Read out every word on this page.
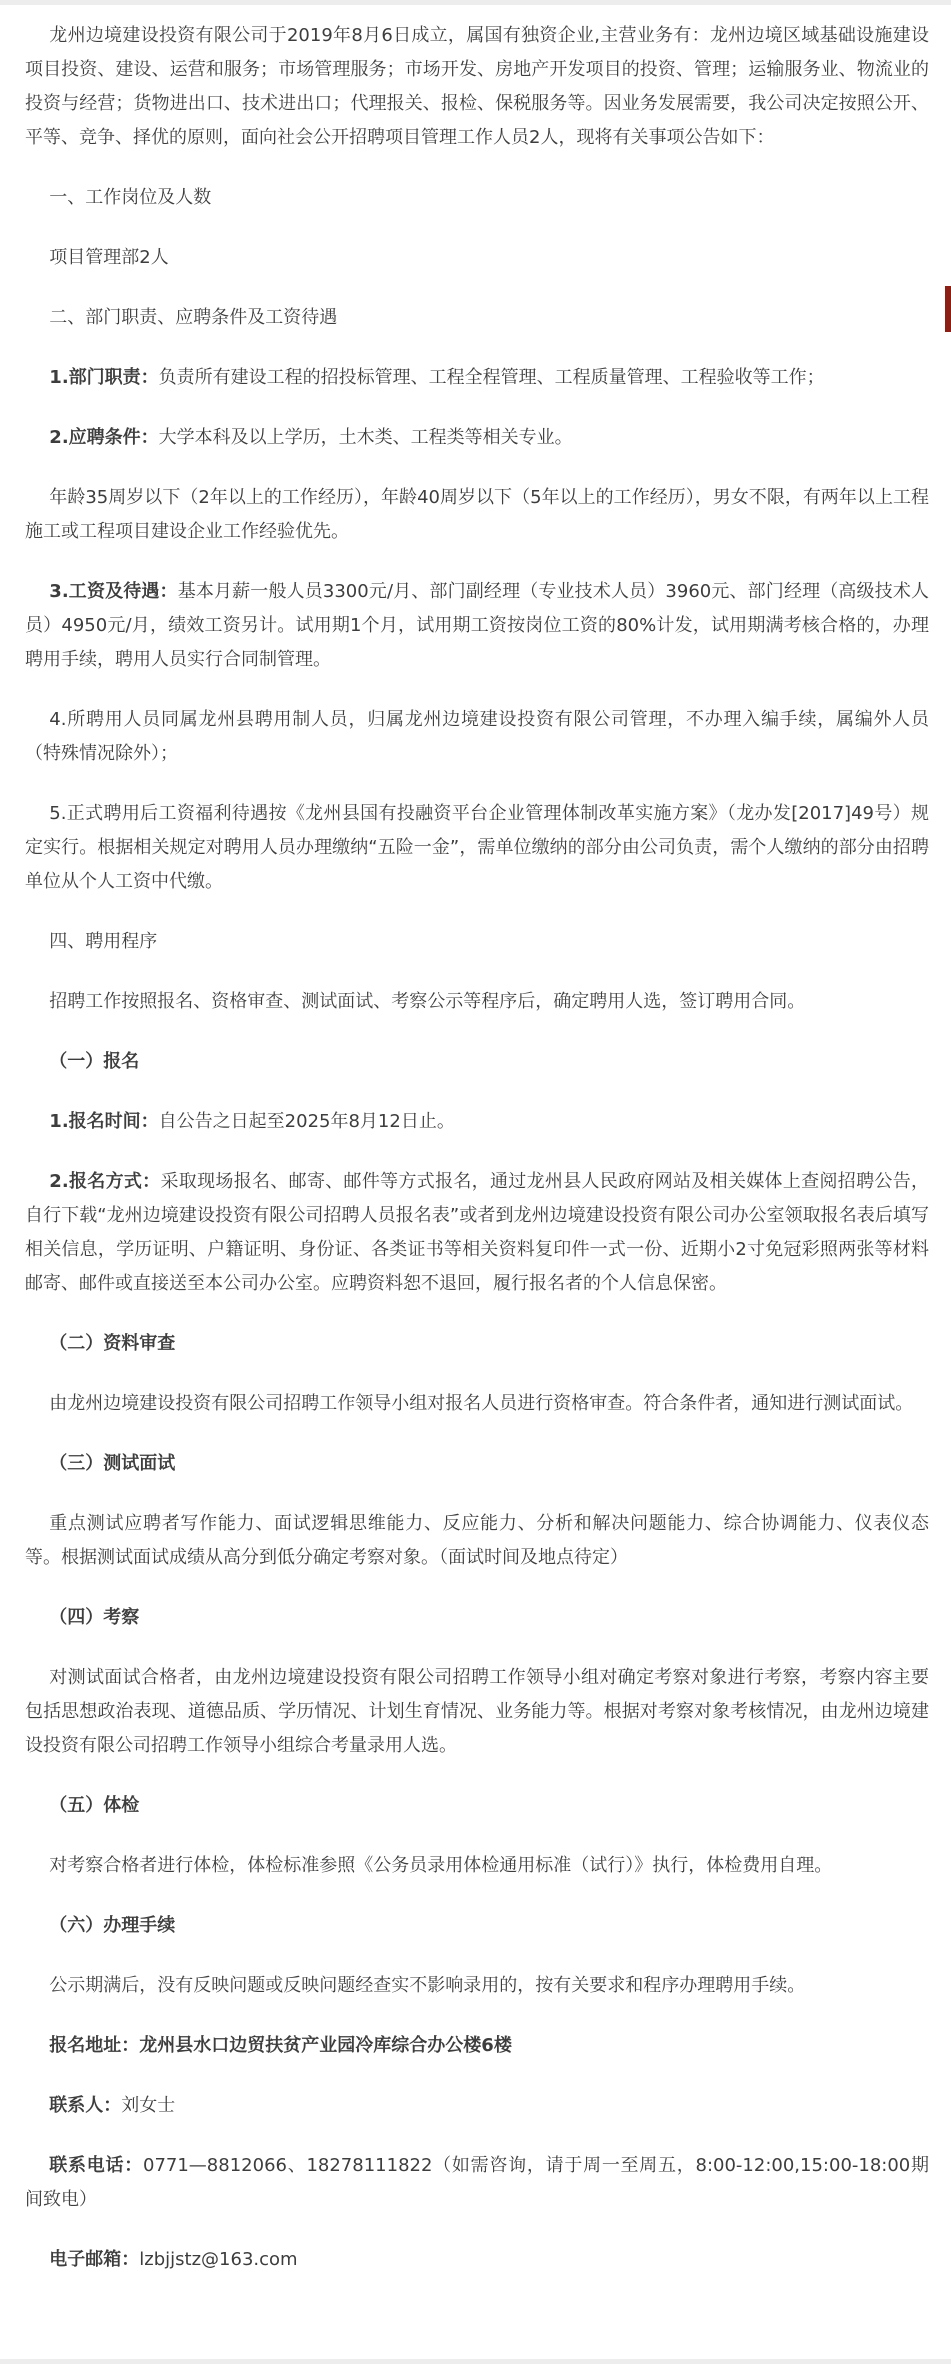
龙州边境建设投资有限公司于2019年8月6日成立，属国有独资企业,主营业务有：龙州边境区域基础设施建设项目投资、建设、运营和服务；市场管理服务；市场开发、房地产开发项目的投资、管理；运输服务业、物流业的投资与经营；货物进出口、技术进出口；代理报关、报检、保税服务等。因业务发展需要，我公司决定按照公开、平等、竞争、择优的原则，面向社会公开招聘项目管理工作人员2人，现将有关事项公告如下：

一、工作岗位及人数

项目管理部2人

二、部门职责、应聘条件及工资待遇

1.部门职责：负责所有建设工程的招投标管理、工程全程管理、工程质量管理、工程验收等工作；

2.应聘条件：大学本科及以上学历，土木类、工程类等相关专业。

年龄35周岁以下（2年以上的工作经历），年龄40周岁以下（5年以上的工作经历），男女不限，有两年以上工程施工或工程项目建设企业工作经验优先。

3.工资及待遇：基本月薪一般人员3300元/月、部门副经理（专业技术人员）3960元、部门经理（高级技术人员）4950元/月，绩效工资另计。试用期1个月，试用期工资按岗位工资的80%计发，试用期满考核合格的，办理聘用手续，聘用人员实行合同制管理。

4.所聘用人员同属龙州县聘用制人员，归属龙州边境建设投资有限公司管理，不办理入编手续，属编外人员（特殊情况除外）；

5.正式聘用后工资福利待遇按《龙州县国有投融资平台企业管理体制改革实施方案》（龙办发[2017]49号）规定实行。根据相关规定对聘用人员办理缴纳“五险一金”，需单位缴纳的部分由公司负责，需个人缴纳的部分由招聘单位从个人工资中代缴。

四、聘用程序

招聘工作按照报名、资格审查、测试面试、考察公示等程序后，确定聘用人选，签订聘用合同。

（一）报名

1.报名时间：自公告之日起至2025年8月12日止。

2.报名方式：采取现场报名、邮寄、邮件等方式报名，通过龙州县人民政府网站及相关媒体上查阅招聘公告，自行下载“龙州边境建设投资有限公司招聘人员报名表”或者到龙州边境建设投资有限公司办公室领取报名表后填写相关信息，学历证明、户籍证明、身份证、各类证书等相关资料复印件一式一份、近期小2寸免冠彩照两张等材料邮寄、邮件或直接送至本公司办公室。应聘资料恕不退回，履行报名者的个人信息保密。

（二）资料审查

由龙州边境建设投资有限公司招聘工作领导小组对报名人员进行资格审查。符合条件者，通知进行测试面试。

（三）测试面试

重点测试应聘者写作能力、面试逻辑思维能力、反应能力、分析和解决问题能力、综合协调能力、仪表仪态等。根据测试面试成绩从高分到低分确定考察对象。（面试时间及地点待定）

（四）考察

对测试面试合格者，由龙州边境建设投资有限公司招聘工作领导小组对确定考察对象进行考察，考察内容主要包括思想政治表现、道德品质、学历情况、计划生育情况、业务能力等。根据对考察对象考核情况，由龙州边境建设投资有限公司招聘工作领导小组综合考量录用人选。

（五）体检

对考察合格者进行体检，体检标准参照《公务员录用体检通用标准（试行）》执行，体检费用自理。

（六）办理手续

公示期满后，没有反映问题或反映问题经查实不影响录用的，按有关要求和程序办理聘用手续。

报名地址：龙州县水口边贸扶贫产业园冷库综合办公楼6楼

联系人：刘女士

联系电话：0771—8812066、18278111822（如需咨询，请于周一至周五，8:00-12:00,15:00-18:00期间致电）

电子邮箱：lzbjjstz@163.com
